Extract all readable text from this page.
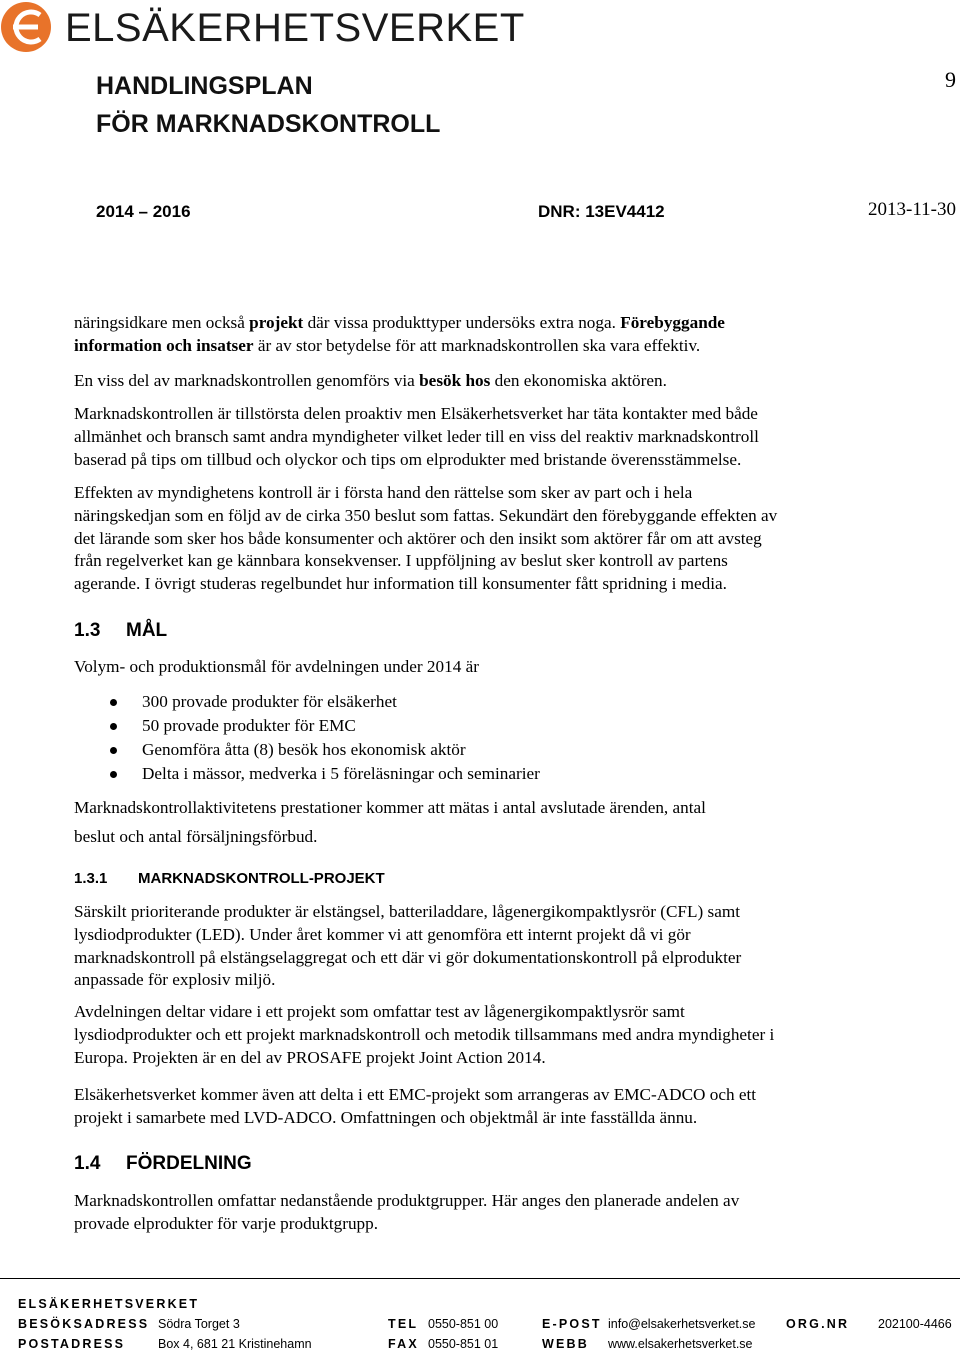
ELSÄKERHETSVERKET
HANDLINGSPLAN
FÖR MARKNADSKONTROLL
9
2014 – 2016	DNR: 13EV4412	2013-11-30
näringsidkare men också projekt där vissa produkttyper undersöks extra noga. Förebyggande
information och insatser är av stor betydelse för att marknadskontrollen ska vara effektiv.
En viss del av marknadskontrollen genomförs via besök hos den ekonomiska aktören.
Marknadskontrollen är tillstörsta delen proaktiv men Elsäkerhetsverket har täta kontakter med både
allmänhet och bransch samt andra myndigheter vilket leder till en viss del reaktiv marknadskontroll
baserad på tips om tillbud och olyckor och tips om elprodukter med bristande överensstämmelse.
Effekten av myndighetens kontroll är i första hand den rättelse som sker av part och i hela
näringskedjan som en följd av de cirka 350 beslut som fattas. Sekundärt den förebyggande effekten av
det lärande som sker hos både konsumenter och aktörer och den insikt som aktörer får om att avsteg
från regelverket kan ge kännbara konsekvenser. I uppföljning av beslut sker kontroll av partens
agerande. I övrigt studeras regelbundet hur information till konsumenter fått spridning i media.
1.3 MÅL
Volym- och produktionsmål för avdelningen under 2014 är
300 provade produkter för elsäkerhet
50 provade produkter för EMC
Genomföra åtta (8) besök hos ekonomisk aktör
Delta i mässor, medverka i 5 föreläsningar och seminarier
Marknadskontrollaktivitetens prestationer kommer att mätas i antal avslutade ärenden, antal
beslut och antal försäljningsförbud.
1.3.1 MARKNADSKONTROLL-PROJEKT
Särskilt prioriterande produkter är elstängsel, batteriladdare, lågenergikompaktlysrör (CFL) samt
lysdiodprodukter (LED). Under året kommer vi att genomföra ett internt projekt då vi gör
marknadskontroll på elstängselaggregat och ett där vi gör dokumentationskontroll på elprodukter
anpassade för explosiv miljö.
Avdelningen deltar vidare i ett projekt som omfattar test av lågenergikompaktlysrör samt
lysdiodprodukter och ett projekt marknadskontroll och metodik tillsammans med andra myndigheter i
Europa. Projekten är en del av PROSAFE projekt Joint Action 2014.
Elsäkerhetsverket kommer även att delta i ett EMC-projekt som arrangeras av EMC-ADCO och ett
projekt i samarbete med LVD-ADCO. Omfattningen och objektmål är inte fasställda ännu.
1.4 FÖRDELNING
Marknadskontrollen omfattar nedanstående produktgrupper. Här anges den planerade andelen av
provade elprodukter för varje produktgrupp.
ELSÄKERHETSVERKET
BESÖKSADRESS Södra Torget 3
POSTADRESS	Box 4, 681 21 Kristinehamn
TEL 0550-851 00
FAX 0550-851 01
E-POST info@elsakerhetsverket.se
WEBB www.elsakerhetsverket.se
ORG.NR 202100-4466
